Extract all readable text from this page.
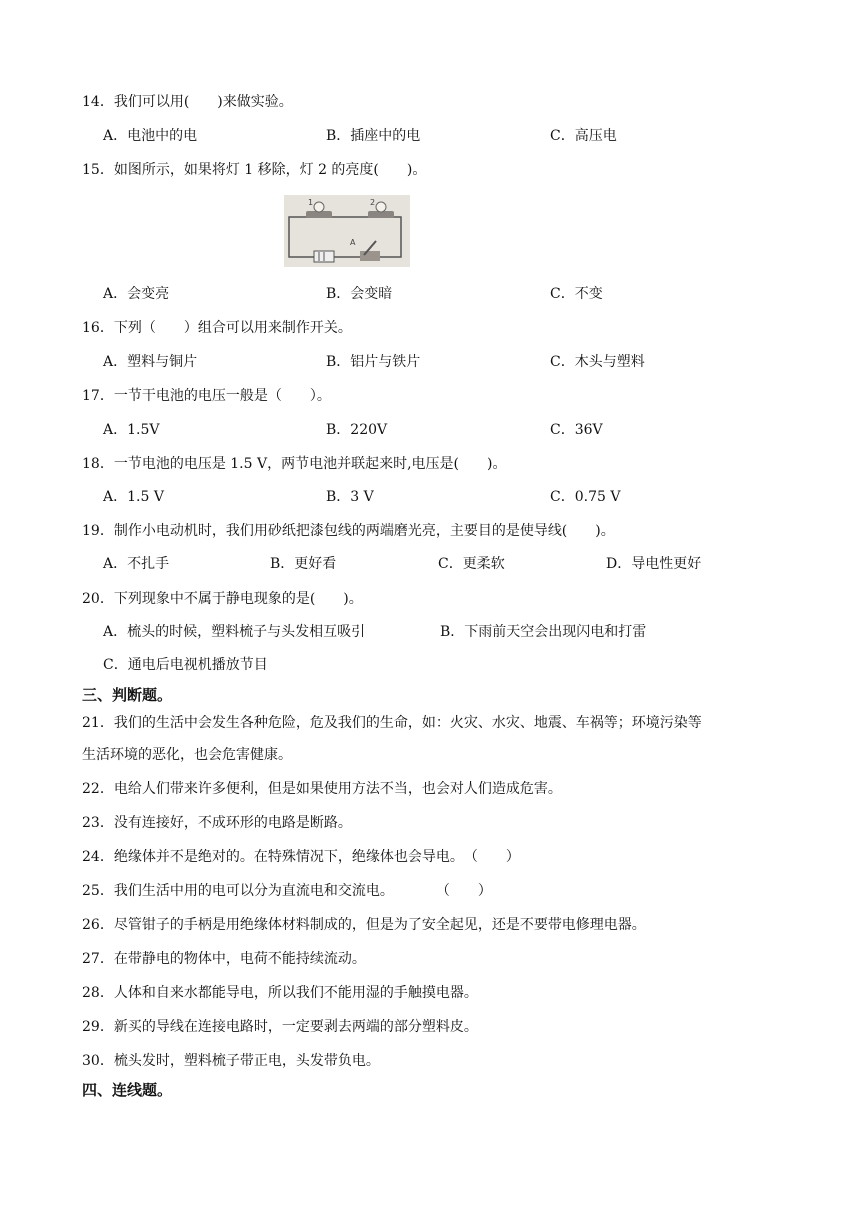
14．我们可以用(　　)来做实验。
A．电池中的电	B．插座中的电	C．高压电
15．如图所示，如果将灯 1 移除，灯 2 的亮度(　　)。
1	2
A
A．会变亮	B．会变暗	C．不变
16．下列（　　）组合可以用来制作开关。
A．塑料与铜片	B．铝片与铁片	C．木头与塑料
17．一节干电池的电压一般是（　　）。
A．1.5V	B．220V	C．36V
18．一节电池的电压是 1.5 V，两节电池并联起来时,电压是(　　)。
A．1.5 V	B．3 V	C．0.75 V
19．制作小电动机时，我们用砂纸把漆包线的两端磨光亮，主要目的是使导线(　　)。
A．不扎手	B．更好看	C．更柔软	D．导电性更好
20．下列现象中不属于静电现象的是(　　)。
A．梳头的时候，塑料梳子与头发相互吸引	B．下雨前天空会出现闪电和打雷
C．通电后电视机播放节目
三、判断题。
21．我们的生活中会发生各种危险，危及我们的生命，如：火灾、水灾、地震、车祸等；环境污染等
生活环境的恶化，也会危害健康。
22．电给人们带来许多便利，但是如果使用方法不当，也会对人们造成危害。
23．没有连接好，不成环形的电路是断路。
24．绝缘体并不是绝对的。在特殊情况下，绝缘体也会导电。　（　　）
25．我们生活中用的电可以分为直流电和交流电。　　　　（　　）
26．尽管钳子的手柄是用绝缘体材料制成的，但是为了安全起见，还是不要带电修理电器。
27．在带静电的物体中，电荷不能持续流动。
28．人体和自来水都能导电，所以我们不能用湿的手触摸电器。
29．新买的导线在连接电路时，一定要剥去两端的部分塑料皮。
30．梳头发时，塑料梳子带正电，头发带负电。
四、连线题。
